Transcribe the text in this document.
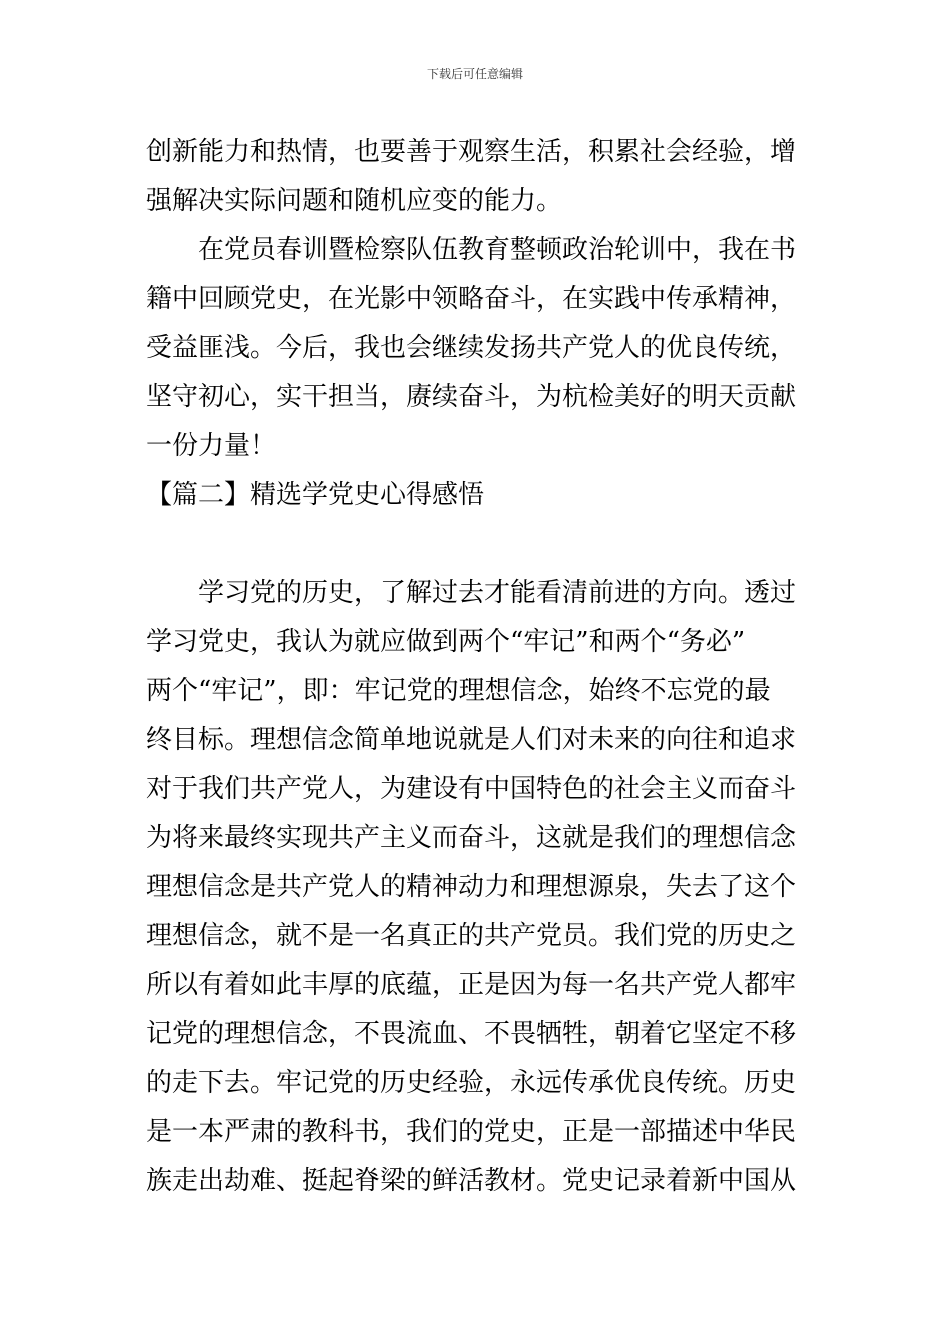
下载后可任意编辑
创新能力和热情，也要善于观察生活，积累社会经验，增
强解决实际问题和随机应变的能力。
在党员春训暨检察队伍教育整顿政治轮训中，我在书
籍中回顾党史，在光影中领略奋斗，在实践中传承精神，
受益匪浅。今后，我也会继续发扬共产党人的优良传统，
坚守初心，实干担当，赓续奋斗，为杭检美好的明天贡献
一份力量！
【篇二】精选学党史心得感悟
学习党的历史，了解过去才能看清前进的方向。透过
学习党史，我认为就应做到两个“牢记”和两个“务必”
两个“牢记”，即：牢记党的理想信念，始终不忘党的最
终目标。理想信念简单地说就是人们对未来的向往和追求
对于我们共产党人，为建设有中国特色的社会主义而奋斗
为将来最终实现共产主义而奋斗，这就是我们的理想信念
理想信念是共产党人的精神动力和理想源泉，失去了这个
理想信念，就不是一名真正的共产党员。我们党的历史之
所以有着如此丰厚的底蕴，正是因为每一名共产党人都牢
记党的理想信念，不畏流血、不畏牺牲，朝着它坚定不移
的走下去。牢记党的历史经验，永远传承优良传统。历史
是一本严肃的教科书，我们的党史，正是一部描述中华民
族走出劫难、挺起脊梁的鲜活教材。党史记录着新中国从
